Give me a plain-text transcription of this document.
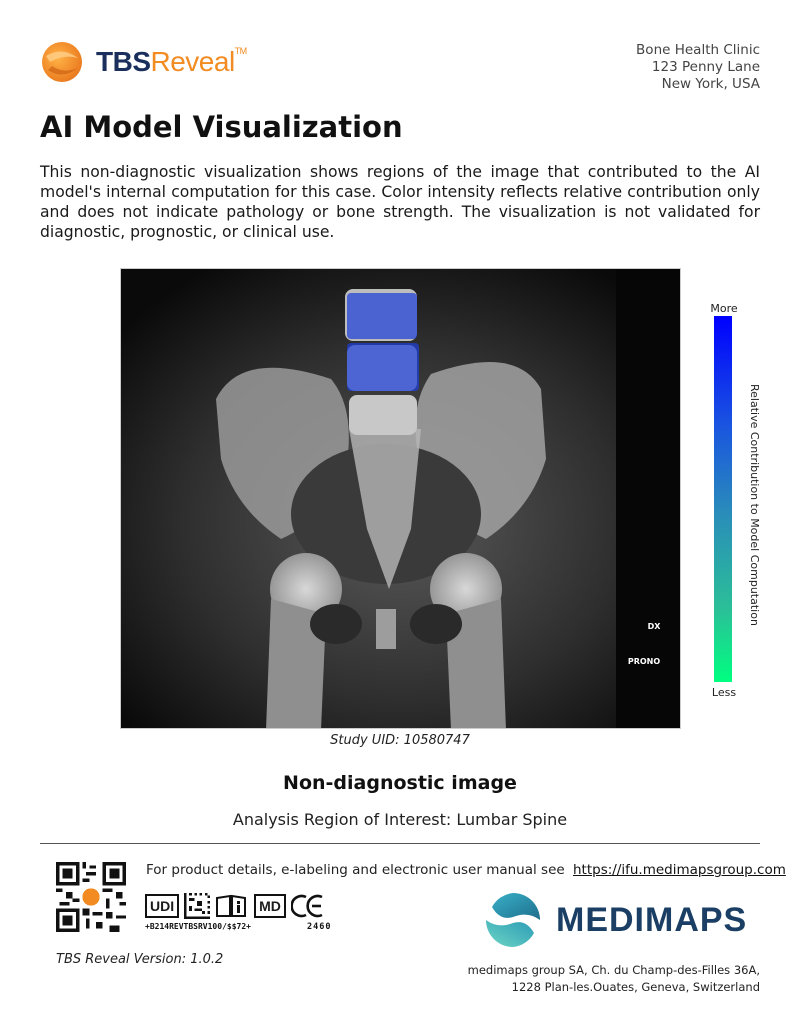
TBSReveal™	Bone Health Clinic
123 Penny Lane
New York, USA
AI Model Visualization

This non-diagnostic visualization shows regions of the image that contributed to the AI model's internal computation for this case. Color intensity reflects relative contribution only and does not indicate pathology or bone strength. The visualization is not validated for diagnostic, prognostic, or clinical use.

DX
PRONO
More
Less
Relative Contribution to Model Computation
Study UID: 10580747
Non-diagnostic image
Analysis Region of Interest: Lumbar Spine
For product details, e-labeling and electronic user manual see https://ifu.medimapsgroup.com
UDI	MD
+B214REVTBSRV100/$$72+	2460
TBS Reveal Version: 1.0.2
MEDIMAPS
medimaps group SA, Ch. du Champ-des-Filles 36A,
1228 Plan-les.Ouates, Geneva, Switzerland
